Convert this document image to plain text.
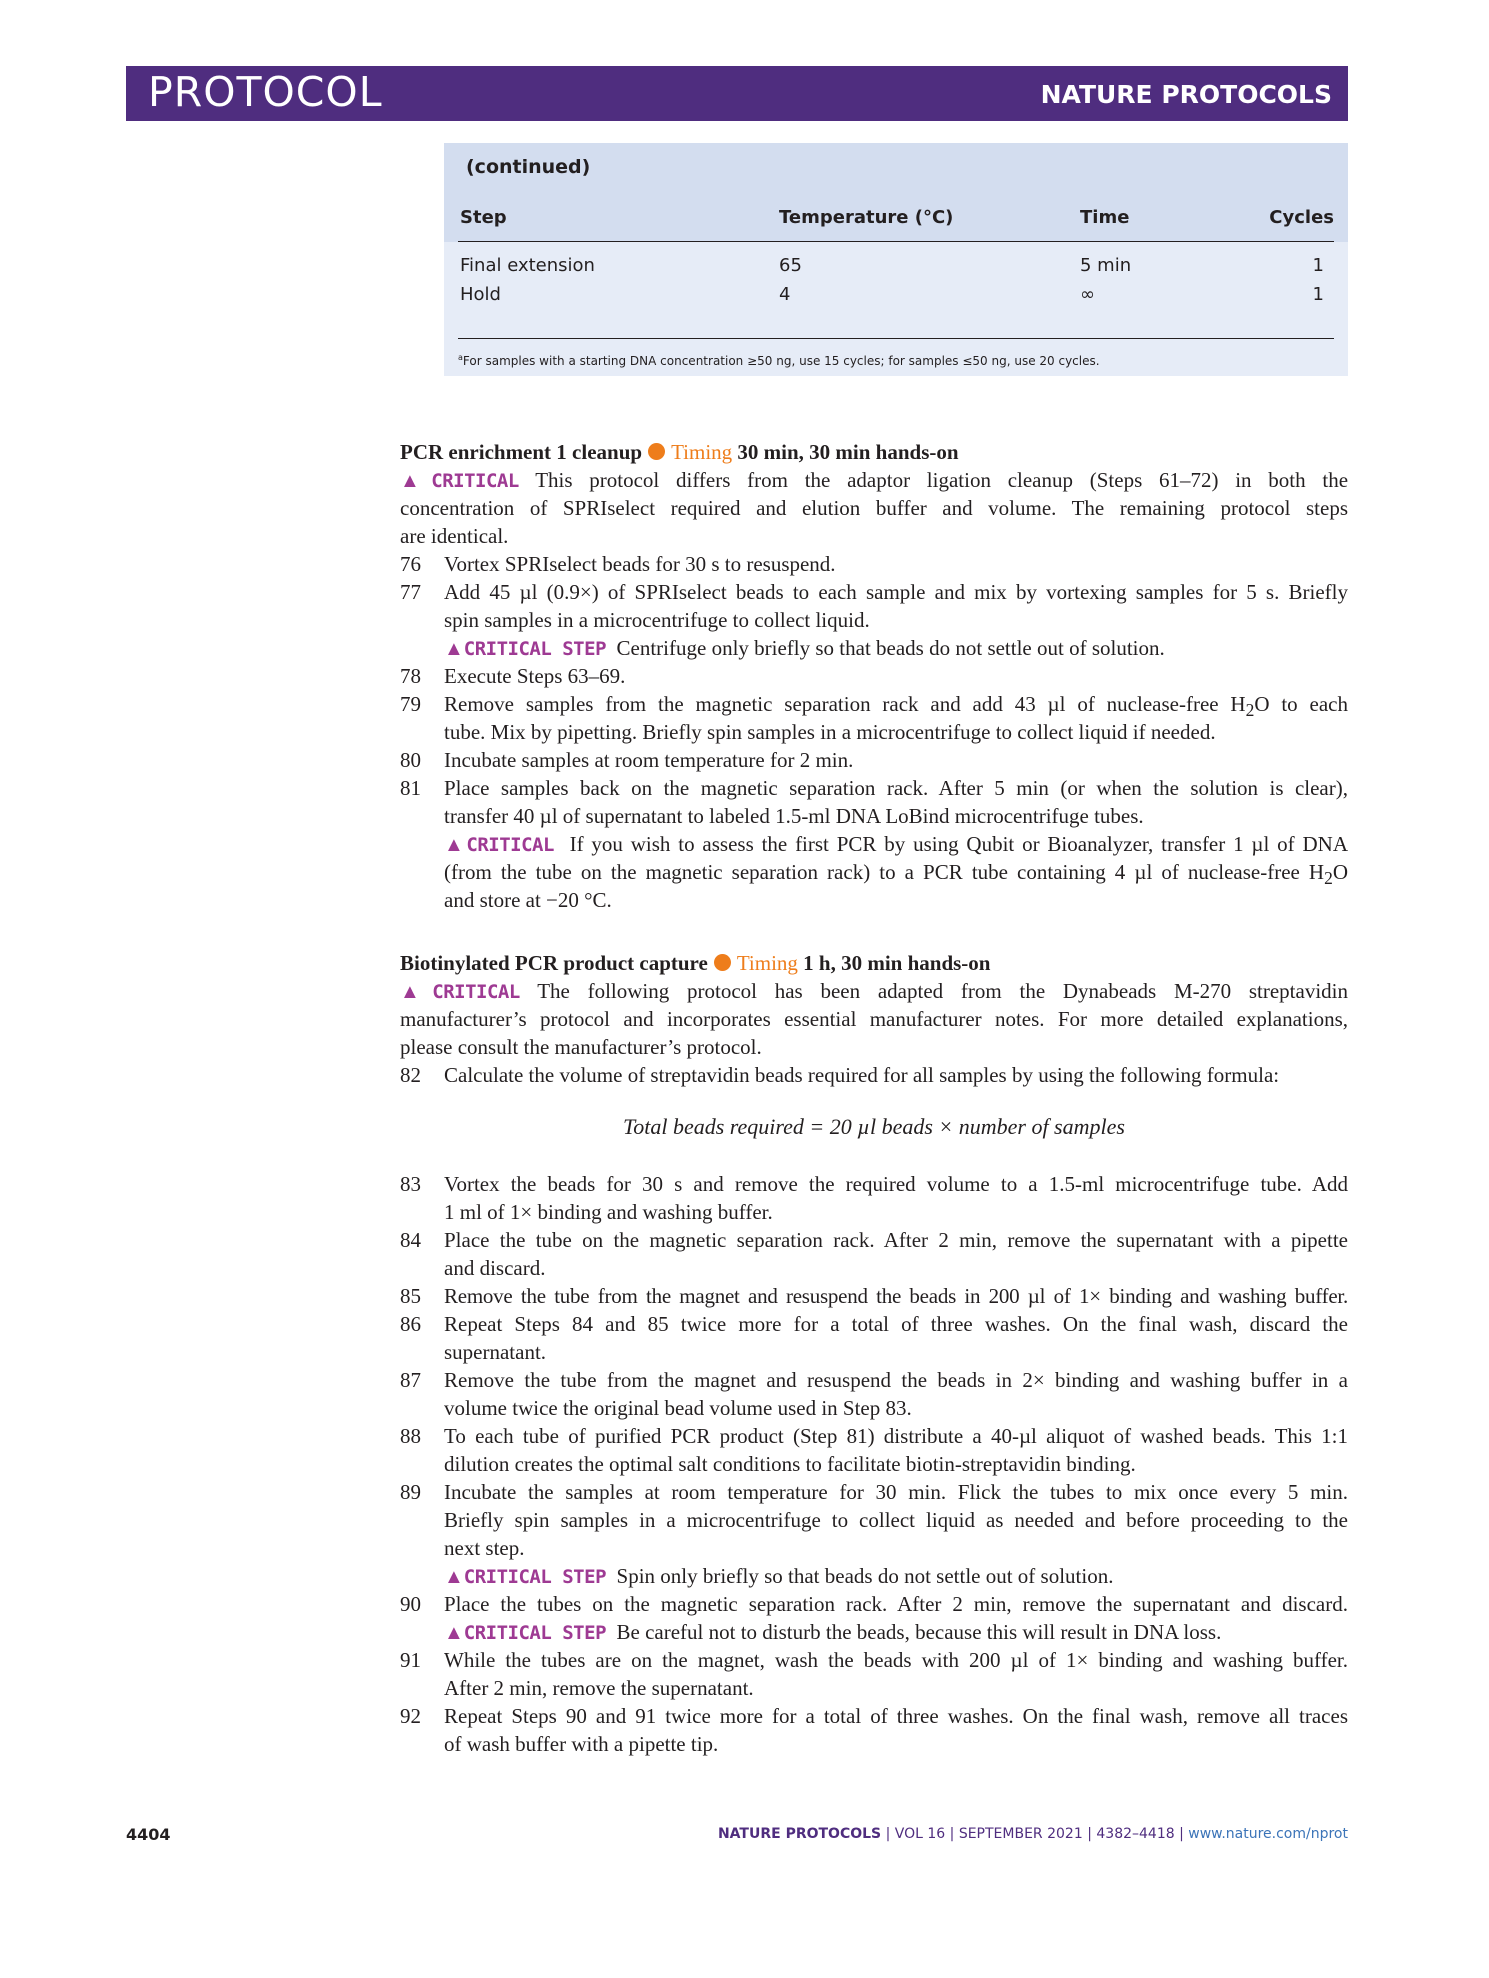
PROTOCOL	NATURE PROTOCOLS
(continued)
Step	Temperature (°C)	Time	Cycles
Final extension	65	5 min	1
Hold	4	∞	1
$^a$For samples with a starting DNA concentration ≥50 ng, use 15 cycles; for samples ≤50 ng, use 20 cycles.
PCR enrichment 1 cleanup Timing 30 min, 30 min hands-on
▲CRITICAL This protocol differs from the adaptor ligation cleanup (Steps 61–72) in both the
concentration of SPRIselect required and elution buffer and volume. The remaining protocol steps
are identical.
76 Vortex SPRIselect beads for 30 s to resuspend.
77 Add 45 µl (0.9×) of SPRIselect beads to each sample and mix by vortexing samples for 5 s. Briefly
spin samples in a microcentrifuge to collect liquid.
▲CRITICAL STEP Centrifuge only briefly so that beads do not settle out of solution.
78 Execute Steps 63–69.
79 Remove samples from the magnetic separation rack and add 43 µl of nuclease-free $H_2O$ to each
tube. Mix by pipetting. Briefly spin samples in a microcentrifuge to collect liquid if needed.
80 Incubate samples at room temperature for 2 min.
81 Place samples back on the magnetic separation rack. After 5 min (or when the solution is clear),
transfer 40 µl of supernatant to labeled 1.5-ml DNA LoBind microcentrifuge tubes.
▲CRITICAL If you wish to assess the first PCR by using Qubit or Bioanalyzer, transfer 1 µl of DNA
(from the tube on the magnetic separation rack) to a PCR tube containing 4 µl of nuclease-free $H_2O$
and store at −20 °C.
Biotinylated PCR product capture Timing 1 h, 30 min hands-on
▲CRITICAL The following protocol has been adapted from the Dynabeads M-270 streptavidin
manufacturer’s protocol and incorporates essential manufacturer notes. For more detailed explanations,
please consult the manufacturer’s protocol.
82 Calculate the volume of streptavidin beads required for all samples by using the following formula:
Total beads required = 20 µl beads × number of samples
83 Vortex the beads for 30 s and remove the required volume to a 1.5-ml microcentrifuge tube. Add
1 ml of 1× binding and washing buffer.
84 Place the tube on the magnetic separation rack. After 2 min, remove the supernatant with a pipette
and discard.
85 Remove the tube from the magnet and resuspend the beads in 200 µl of 1× binding and washing buffer.
86 Repeat Steps 84 and 85 twice more for a total of three washes. On the final wash, discard the
supernatant.
87 Remove the tube from the magnet and resuspend the beads in 2× binding and washing buffer in a
volume twice the original bead volume used in Step 83.
88 To each tube of purified PCR product (Step 81) distribute a 40-µl aliquot of washed beads. This 1:1
dilution creates the optimal salt conditions to facilitate biotin-streptavidin binding.
89 Incubate the samples at room temperature for 30 min. Flick the tubes to mix once every 5 min.
Briefly spin samples in a microcentrifuge to collect liquid as needed and before proceeding to the
next step.
▲CRITICAL STEP Spin only briefly so that beads do not settle out of solution.
90 Place the tubes on the magnetic separation rack. After 2 min, remove the supernatant and discard.
▲CRITICAL STEP Be careful not to disturb the beads, because this will result in DNA loss.
91 While the tubes are on the magnet, wash the beads with 200 µl of 1× binding and washing buffer.
After 2 min, remove the supernatant.
92 Repeat Steps 90 and 91 twice more for a total of three washes. On the final wash, remove all traces
of wash buffer with a pipette tip.
4404	NATURE PROTOCOLS | VOL 16 | SEPTEMBER 2021 | 4382–4418 | www.nature.com/nprot
